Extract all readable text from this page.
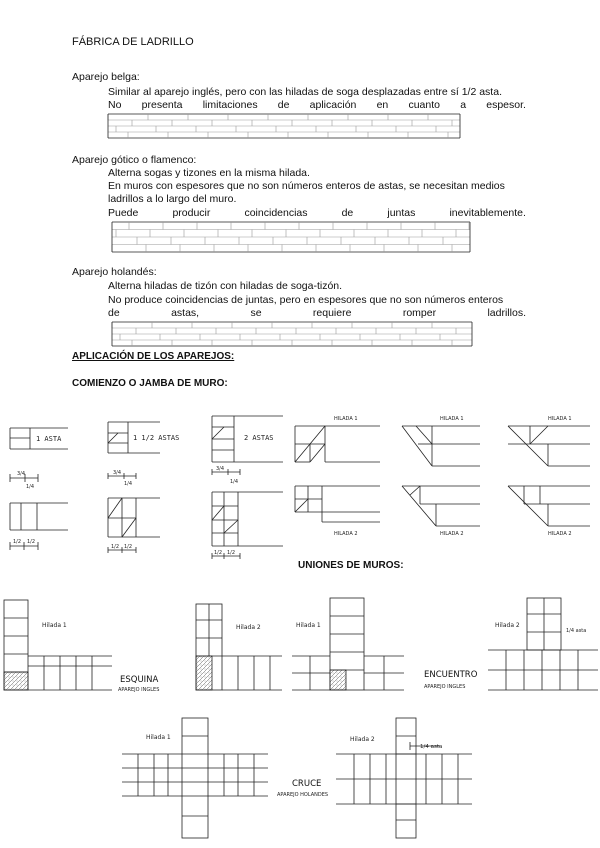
FÁBRICA DE LADRILLO
Aparejo belga:
Similar al aparejo inglés, pero con las hiladas de soga desplazadas entre sí 1/2 asta.
No presenta limitaciones de aplicación en cuanto a espesor.
Aparejo gótico o flamenco:
Alterna sogas y tizones en la misma hilada.
En muros con espesores que no son números enteros de astas, se necesitan medios
ladrillos a lo largo del muro.
Puede	producir	coincidencias	de	juntas	inevitablemente.
Aparejo holandés:
Alterna hiladas de tizón con hiladas de soga-tizón.
No produce coincidencias de juntas, pero en espesores que no son números enteros
de	astas,	se	requiere	romper	ladrillos.
APLICACIÓN DE LOS APAREJOS:
COMIENZO O JAMBA DE MURO:
1 ASTA	1 1/2 ASTAS	2 ASTAS
3/4
1/4
3/4
1/4
3/4
1/4
1/2 1/2
1/2 1/2
1/2 1/2
HILADA 1	HILADA 1	HILADA 1
HILADA 2	HILADA 2	HILADA 2
UNIONES DE MUROS:
Hilada 1	Hilada 2
ESQUINA
APAREJO INGLES
Hilada 1	Hilada 2
1/4 asta
ENCUENTRO
APAREJO INGLES
Hilada 1	Hilada 2
1/4 asta
CRUCE
APAREJO HOLANDES
